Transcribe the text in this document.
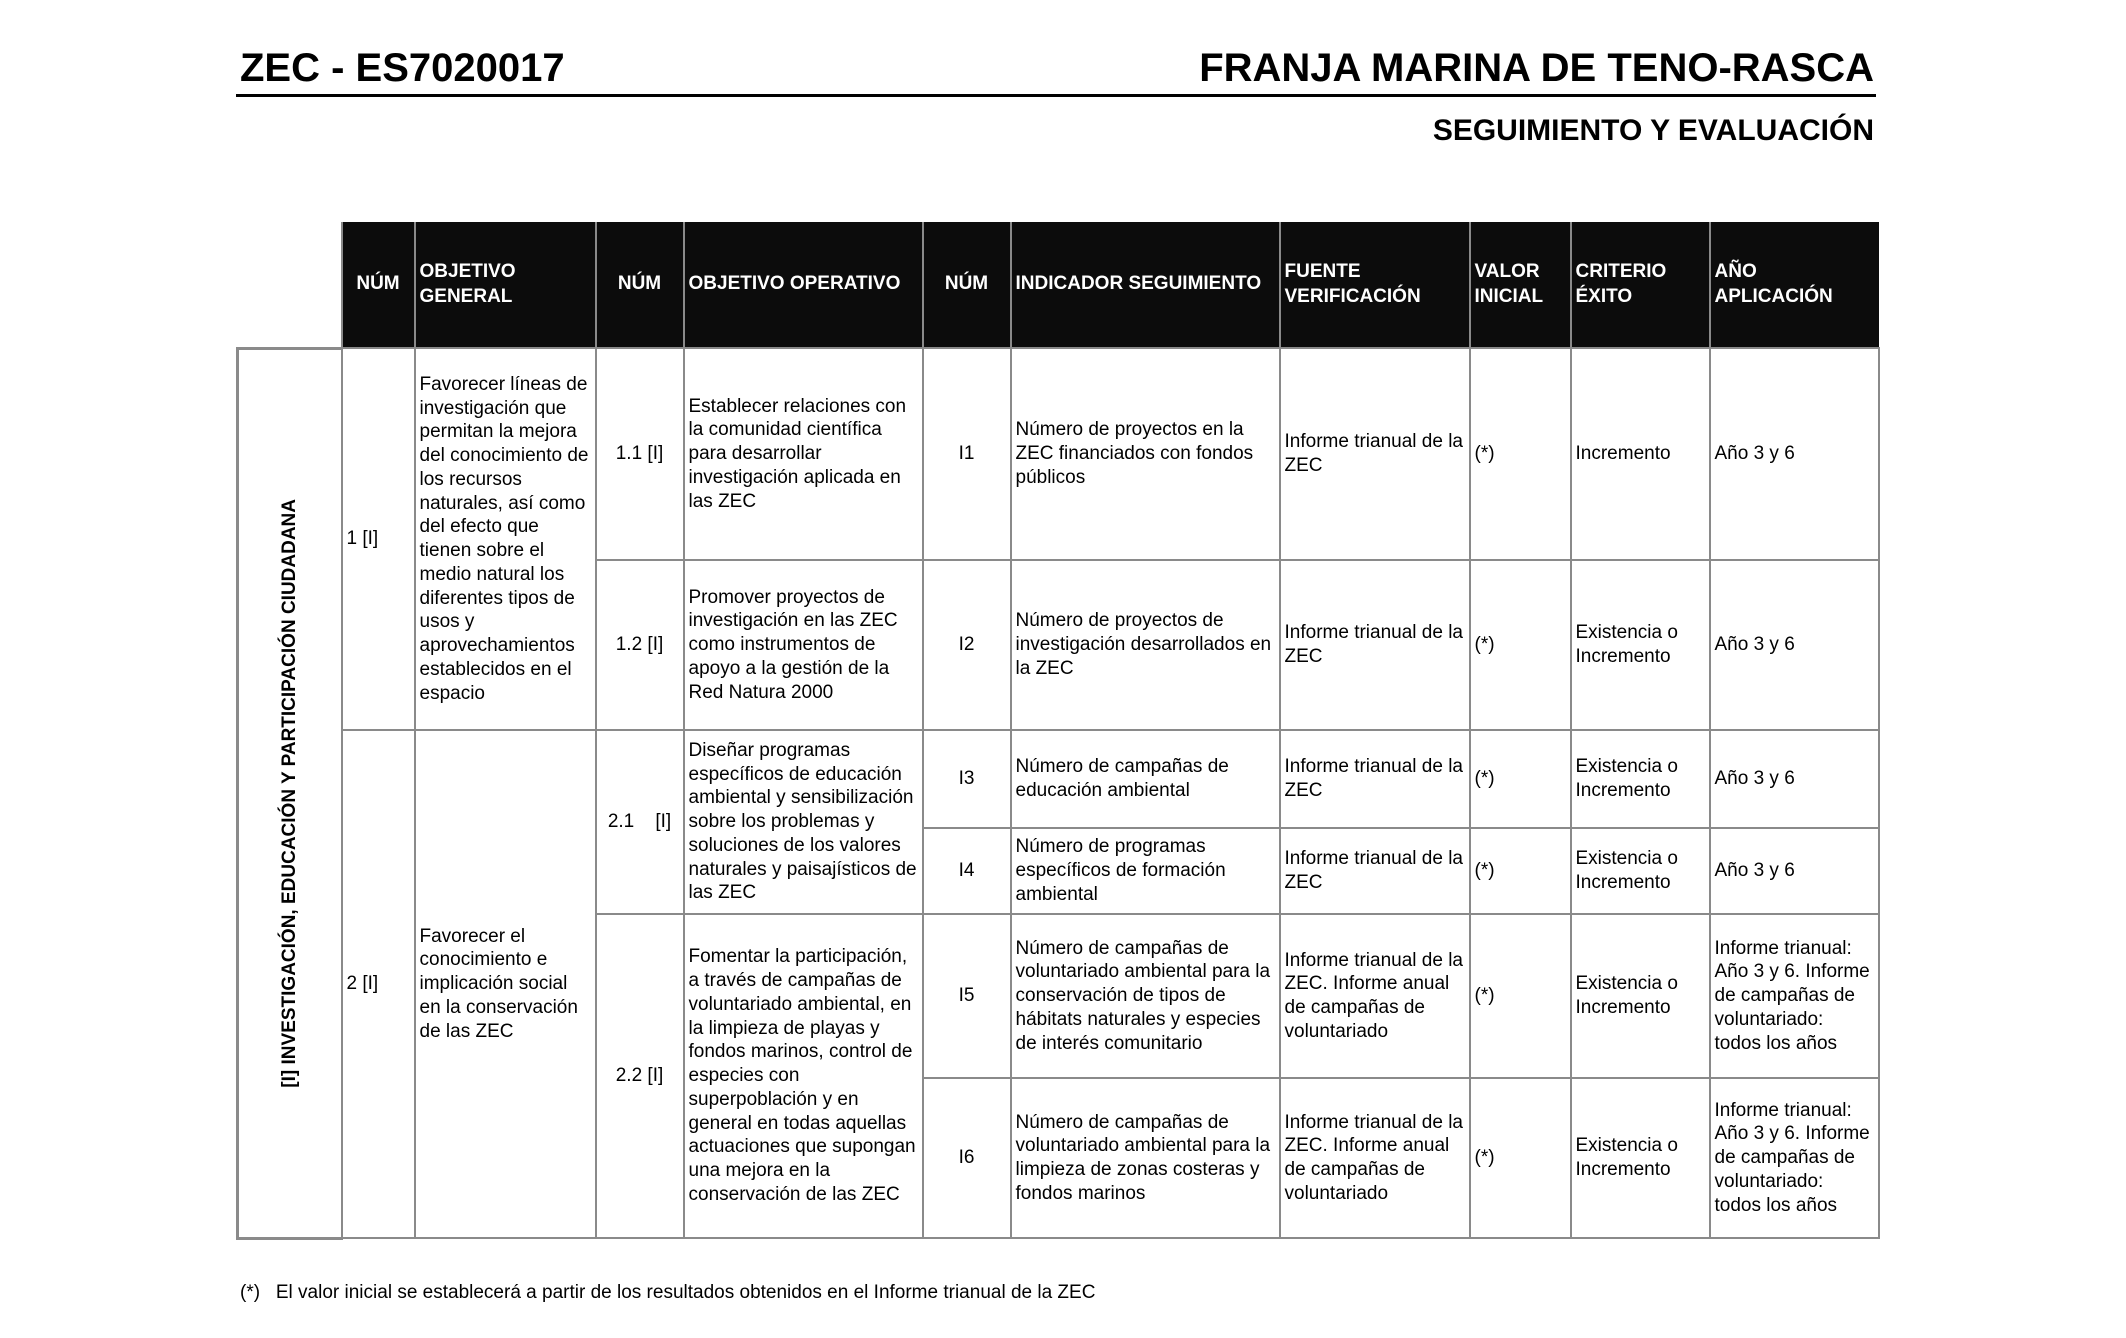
ZEC - ES7020017	FRANJA MARINA DE TENO-RASCA
SEGUIMIENTO Y EVALUACIÓN
	NÚM	OBJETIVO GENERAL	NÚM	OBJETIVO OPERATIVO	NÚM	INDICADOR SEGUIMIENTO	FUENTE VERIFICACIÓN	VALOR INICIAL	CRITERIO ÉXITO	AÑO APLICACIÓN

[I] INVESTIGACIÓN, EDUCACIÓN Y PARTICIPACIÓN CIUDADANA	1 [I]	Favorecer líneas de investigación que permitan la mejora del conocimiento de los recursos naturales, así como del efecto que tienen sobre el medio natural los diferentes tipos de usos y aprovechamientos establecidos en el espacio	1.1 [I]	Establecer relaciones con la comunidad científica para desarrollar investigación aplicada en las ZEC	I1	Número de proyectos en la ZEC financiados con fondos públicos	Informe trianual de la ZEC	(*)	Incremento	Año 3 y 6
			1.2 [I]	Promover proyectos de investigación en las ZEC como instrumentos de apoyo a la gestión de la Red Natura 2000	I2	Número de proyectos de investigación desarrollados en la ZEC	Informe trianual de la ZEC	(*)	Existencia o Incremento	Año 3 y 6
	2 [I]	Favorecer el conocimiento e implicación social en la conservación de las ZEC	2.1    [I]	Diseñar programas específicos de educación ambiental y sensibilización sobre los problemas y soluciones de los valores naturales y paisajísticos de las ZEC	I3	Número de campañas de educación ambiental	Informe trianual de la ZEC	(*)	Existencia o Incremento	Año 3 y 6
					I4	Número de programas específicos de formación ambiental	Informe trianual de la ZEC	(*)	Existencia o Incremento	Año 3 y 6
			2.2 [I]	Fomentar la participación, a través de campañas de voluntariado ambiental, en la limpieza de playas y fondos marinos, control de especies con superpoblación y en general en todas aquellas actuaciones que supongan una mejora en la conservación de las ZEC	I5	Número de campañas de voluntariado ambiental para la conservación de tipos de hábitats naturales y especies de interés comunitario	Informe trianual de la ZEC. Informe anual de campañas de voluntariado	(*)	Existencia o Incremento	Informe trianual: Año 3 y 6. Informe de campañas de voluntariado: todos los años
					I6	Número de campañas de voluntariado ambiental para la limpieza de zonas costeras y fondos marinos	Informe trianual de la ZEC. Informe anual de campañas de voluntariado	(*)	Existencia o Incremento	Informe trianual: Año 3 y 6. Informe de campañas de voluntariado: todos los años
(*)   El valor inicial se establecerá a partir de los resultados obtenidos en el Informe trianual de la ZEC
